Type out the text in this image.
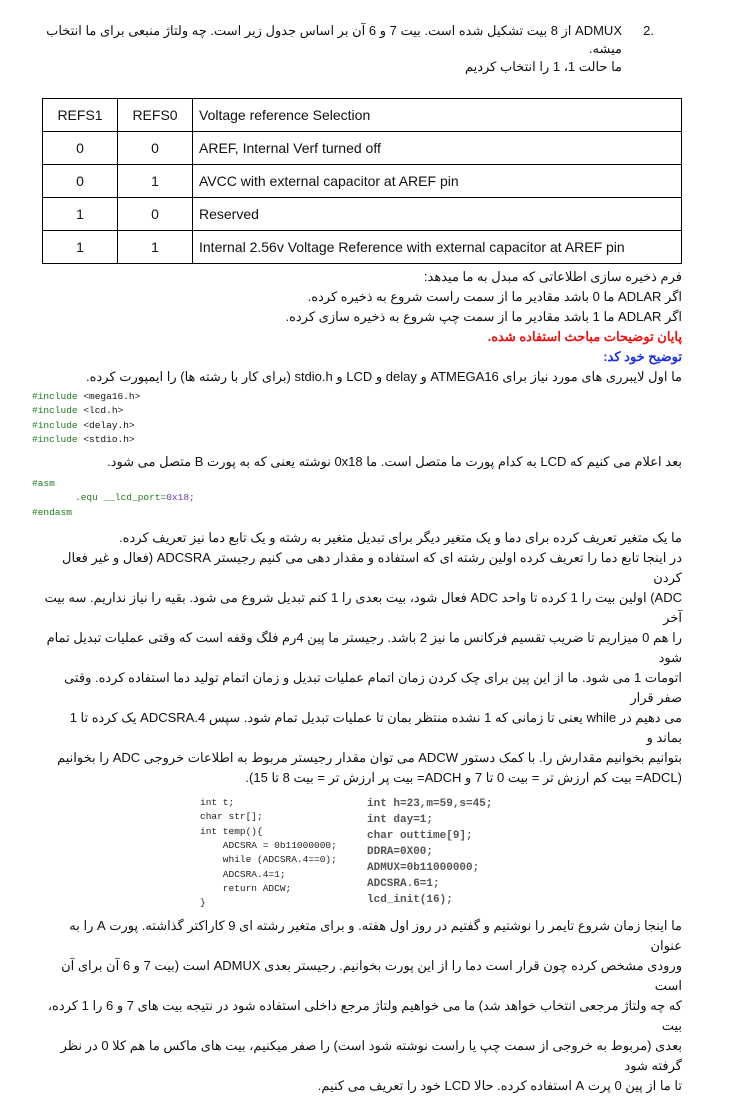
2.
ADMUX از 8 بیت تشکیل شده است. بیت 7 و 6 آن بر اساس جدول زیر است. چه ولتاژ منبعی برای ما انتخاب میشه.
ما حالت 1، 1 را انتخاب کردیم
REFS1	REFS0	Voltage reference Selection
0	0	AREF, Internal Verf turned off
0	1	AVCC with external capacitor at AREF pin
1	0	Reserved
1	1	Internal 2.56v Voltage Reference with external capacitor at AREF pin
فرم ذخیره سازی اطلاعاتی که مبدل به ما میدهد:
اگر ADLAR ما 0 باشد مقادیر ما از سمت راست شروع به ذخیره کرده.
اگر ADLAR ما 1 باشد مقادیر ما از سمت چپ شروع به ذخیره سازی کرده.
پایان توضیحات مباحث استفاده شده.
توضیح خود کد:
ما اول لایبرری های مورد نیاز برای ATMEGA16 و delay و LCD و stdio.h (برای کار با رشته ها) را ایمپورت کرده.
#include <mega16.h>
#include <lcd.h>
#include <delay.h>
#include <stdio.h>
بعد اعلام می کنیم که LCD به کدام پورت ما متصل است. ما 0x18 نوشته یعنی که به پورت B متصل می شود.
#asm
.equ __lcd_port=0x18;
#endasm
ما یک متغیر تعریف کرده برای دما و یک متغیر دیگر برای تبدیل متغیر به رشته و یک تابع دما نیز تعریف کرده.
در اینجا تابع دما را تعریف کرده اولین رشته ای که استفاده و مقدار دهی می کنیم رجیستر ADCSRA (فعال و غیر فعال کردن
ADC) اولین بیت را 1 کرده تا واحد ADC فعال شود، بیت بعدی را 1 کنم تبدیل شروع می شود. بقیه را نیاز نداریم. سه بیت آخر
را هم 0 میزاریم تا ضریب تقسیم فرکانس ما نیز 2 باشد. رجیستر ما پین 4رم فلگ وقفه است که وقتی عملیات تبدیل تمام شود
اتومات 1 می شود. ما از این پین برای چک کردن زمان اتمام عملیات تبدیل و زمان اتمام تولید دما استفاده کرده. وقتی صفر قرار
می دهیم در while یعنی تا زمانی که 1 نشده منتظر بمان تا عملیات تبدیل تمام شود. سپس ADCSRA.4 یک کرده تا 1 بماند و
بتوانیم بخوانیم مقدارش را. با کمک دستور ADCW می توان مقدار رجیستر مربوط به اطلاعات خروجی ADC را بخوانیم
(ADCL= بیت کم ارزش تر = بیت 0 تا 7 و ADCH= بیت پر ارزش تر = بیت 8 تا 15).
int t;
char str[];
int temp(){
ADCSRA = 0b11000000;
while (ADCSRA.4==0);
ADCSRA.4=1;
return ADCW;
}
int h=23,m=59,s=45;
int day=1;
char outtime[9];
DDRA=0X00;
ADMUX=0b11000000;
ADCSRA.6=1;
lcd_init(16);
ما اینجا زمان شروع تایمر را نوشتیم و گفتیم در روز اول هفته. و برای متغیر رشته ای 9 کاراکتر گذاشته. پورت A را به عنوان
ورودی مشخص کرده چون قرار است دما را از این پورت بخوانیم. رجیستر بعدی ADMUX است (بیت 7 و 6 آن برای آن است
که چه ولتاژ مرجعی انتخاب خواهد شد) ما می خواهیم ولتاژ مرجع داخلی استفاده شود در نتیجه بیت های 7 و 6 را 1 کرده، بیت
بعدی (مربوط به خروجی از سمت چپ یا راست نوشته شود است) را صفر میکنیم، بیت های ماکس ما هم کلا 0 در نظر گرفته شود
تا ما از پین 0 پرت A استفاده کرده. حالا LCD خود را تعریف می کنیم.
